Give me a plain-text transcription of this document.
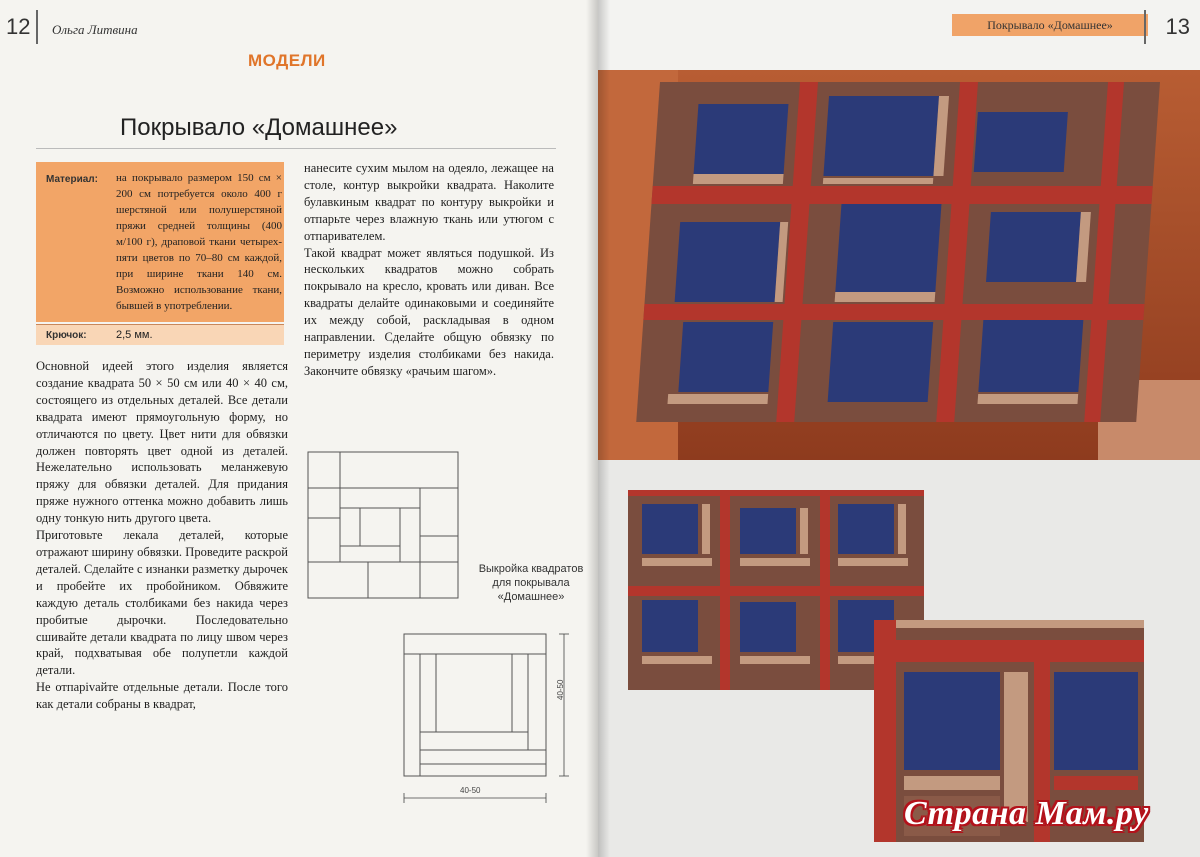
12 Ольга Литвина
МОДЕЛИ
Покрывало «Домашнее»
Материал: на покрывало размером 150 см × 200 см потребуется около 400 г шерстяной или полушерстяной пряжи средней толщины (400 м/100 г), драповой ткани четырех-пяти цветов по 70–80 см каждой, при ширине ткани 140 см. Возможно использование ткани, бывшей в употреблении.
Крючок:	2,5 мм.

Основной идеей этого изделия является создание квадрата 50 × 50 см или 40 × 40 см, состоящего из отдельных деталей. Все детали квадрата имеют прямоугольную форму, но отличаются по цвету. Цвет нити для обвязки должен повторять цвет одной из деталей. Нежелательно использовать меланжевую пряжу для обвязки деталей. Для придания пряже нужного оттенка можно добавить лишь одну тонкую нить другого цвета.

Приготовьте лекала деталей, которые отражают ширину обвязки. Проведите раскрой деталей. Сделайте с изнанки разметку дырочек и пробейте их пробойником. Обвяжите каждую деталь столбиками без накида через пробитые дырочки. Последовательно сшивайте детали квадрата по лицу швом через край, подхватывая обе полупетли каждой детали.

Не отпарivaйте отдельные детали. После того как детали собраны в квадрат,

нанесите сухим мылом на одеяло, лежащее на столе, контур выкройки квадрата. Наколите булавкиным квадрат по контуру выкройки и отпарьте через влажную ткань или утюгом с отпаривателем.

Такой квадрат может являться подушкой. Из нескольких квадратов можно собрать покрывало на кресло, кровать или диван. Все квадраты делайте одинаковыми и соединяйте их между собой, раскладывая в одном направлении. Сделайте общую обвязку по периметру изделия столбиками без накида. Закончите обвязку «рачьим шагом».

Выкройка квадратов для покрывала «Домашнее»
40-50
40-50
Покрывало «Домашнее»	13
Страна Мам.ру
